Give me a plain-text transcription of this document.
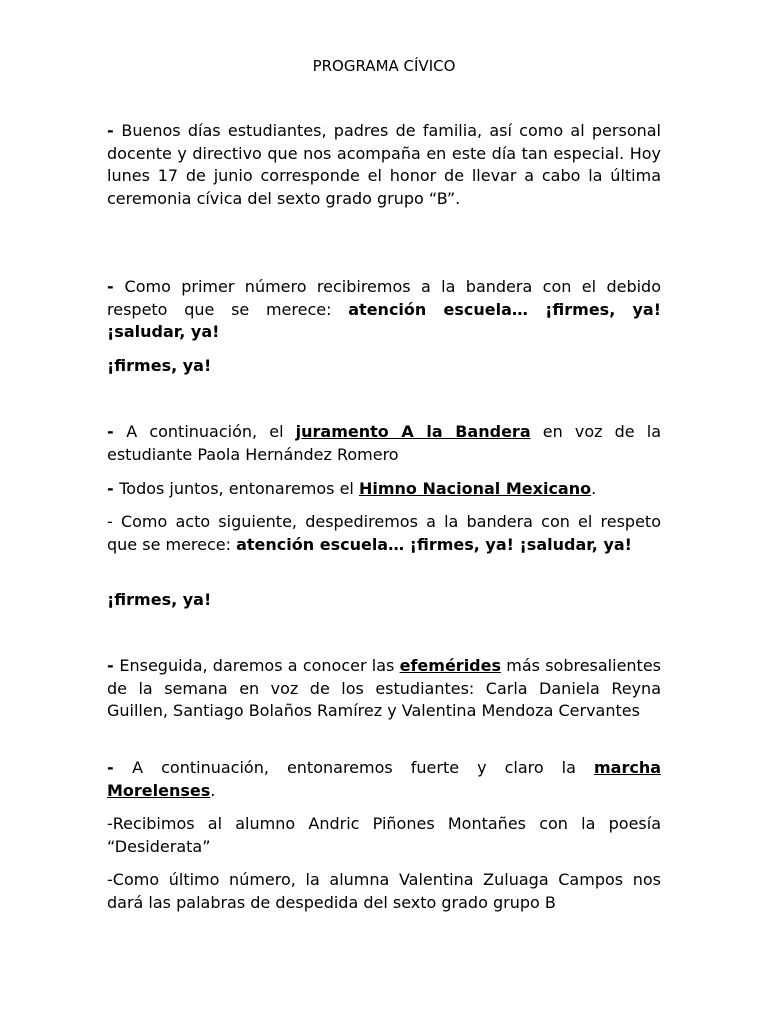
PROGRAMA CÍVICO

- Buenos días estudiantes, padres de familia, así como al personal docente y directivo que nos acompaña en este día tan especial. Hoy lunes 17 de junio corresponde el honor de llevar a cabo la última ceremonia cívica del sexto grado grupo “B”.

- Como primer número recibiremos a la bandera con el debido respeto que se merece: atención escuela… ¡firmes, ya! ¡saludar, ya!

¡firmes, ya!

- A continuación, el juramento A la Bandera en voz de la estudiante Paola Hernández Romero

- Todos juntos, entonaremos el Himno Nacional Mexicano.

- Como acto siguiente, despediremos a la bandera con el respeto que se merece: atención escuela… ¡firmes, ya! ¡saludar, ya!

¡firmes, ya!

- Enseguida, daremos a conocer las efemérides más sobresalientes de la semana en voz de los estudiantes: Carla Daniela Reyna Guillen, Santiago Bolaños Ramírez y Valentina Mendoza Cervantes

- A continuación, entonaremos fuerte y claro la marcha Morelenses.

-Recibimos al alumno Andric Piñones Montañes con la poesía “Desiderata”

-Como último número, la alumna Valentina Zuluaga Campos nos dará las palabras de despedida del sexto grado grupo B
